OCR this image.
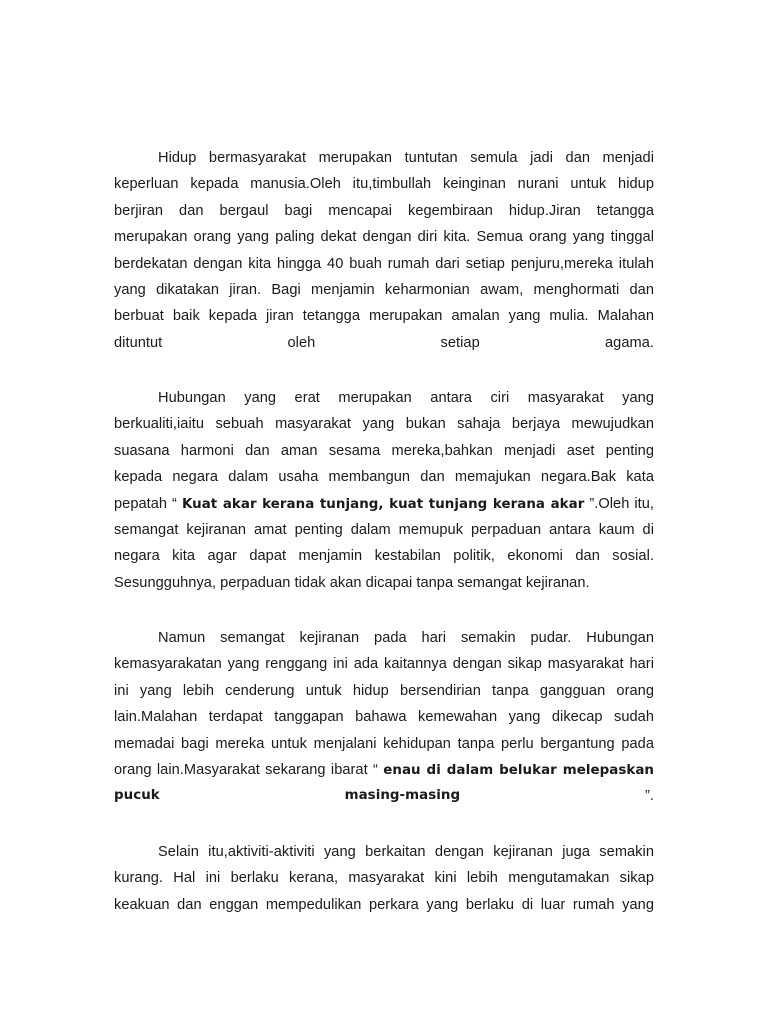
Hidup bermasyarakat merupakan tuntutan semula jadi dan menjadi
keperluan kepada manusia.Oleh itu,timbullah keinginan nurani untuk hidup
berjiran dan bergaul bagi mencapai kegembiraan hidup.Jiran tetangga
merupakan orang yang paling dekat dengan diri kita. Semua orang yang tinggal
berdekatan dengan kita hingga 40 buah rumah dari setiap penjuru,mereka itulah
yang dikatakan jiran. Bagi menjamin keharmonian awam, menghormati dan
berbuat baik kepada jiran tetangga merupakan amalan yang mulia. Malahan
dituntut	oleh	setiap	agama.
Hubungan yang erat merupakan antara ciri masyarakat yang
berkualiti,iaitu sebuah masyarakat yang bukan sahaja berjaya mewujudkan
suasana harmoni dan aman sesama mereka,bahkan menjadi aset penting
kepada negara dalam usaha membangun dan memajukan negara.Bak kata
pepatah “ Kuat akar kerana tunjang, kuat tunjang kerana akar ”.Oleh itu,
semangat kejiranan amat penting dalam memupuk perpaduan antara kaum di
negara kita agar dapat menjamin kestabilan politik, ekonomi dan sosial.
Sesungguhnya, perpaduan tidak akan dicapai tanpa semangat kejiranan.
Namun semangat kejiranan pada hari semakin pudar. Hubungan
kemasyarakatan yang renggang ini ada kaitannya dengan sikap masyarakat hari
ini yang lebih cenderung untuk hidup bersendirian tanpa gangguan orang
lain.Malahan terdapat tanggapan bahawa kemewahan yang dikecap sudah
memadai bagi mereka untuk menjalani kehidupan tanpa perlu bergantung pada
orang lain.Masyarakat sekarang ibarat “ enau di dalam belukar melepaskan
pucuk	masing-masing	”.
Selain itu,aktiviti-aktiviti yang berkaitan dengan kejiranan juga semakin
kurang. Hal ini berlaku kerana, masyarakat kini lebih mengutamakan sikap
keakuan dan enggan mempedulikan perkara yang berlaku di luar rumah yang
